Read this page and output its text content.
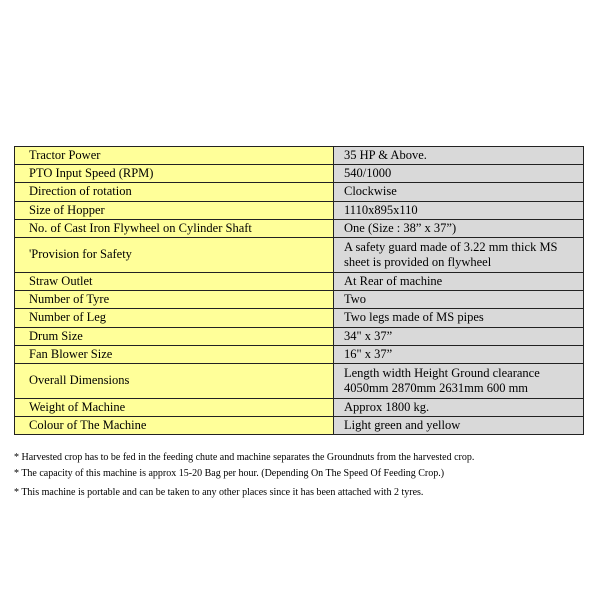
Tractor Power	35 HP & Above.
PTO Input Speed (RPM)	540/1000
Direction of rotation	Clockwise
Size of Hopper	1110x895x110
No. of Cast Iron Flywheel on Cylinder Shaft	One (Size : 38” x 37”)
'Provision for Safety	A safety guard made of 3.22 mm thick MS sheet is provided on flywheel
Straw Outlet	At Rear of machine
Number of Tyre	Two
Number of Leg	Two legs made of MS pipes
Drum Size	34" x 37”
Fan Blower Size	16" x 37”
Overall Dimensions	Length width Height Ground clearance 4050mm 2870mm 2631mm 600 mm
Weight of Machine	Approx 1800 kg.
Colour of The Machine	Light green and yellow
* Harvested crop has to be fed in the feeding chute and machine separates the Groundnuts from the harvested crop.
* The capacity of this machine is approx 15-20 Bag per hour. (Depending On The Speed Of Feeding Crop.)
* This machine is portable and can be taken to any other places since it has been attached with 2 tyres.
